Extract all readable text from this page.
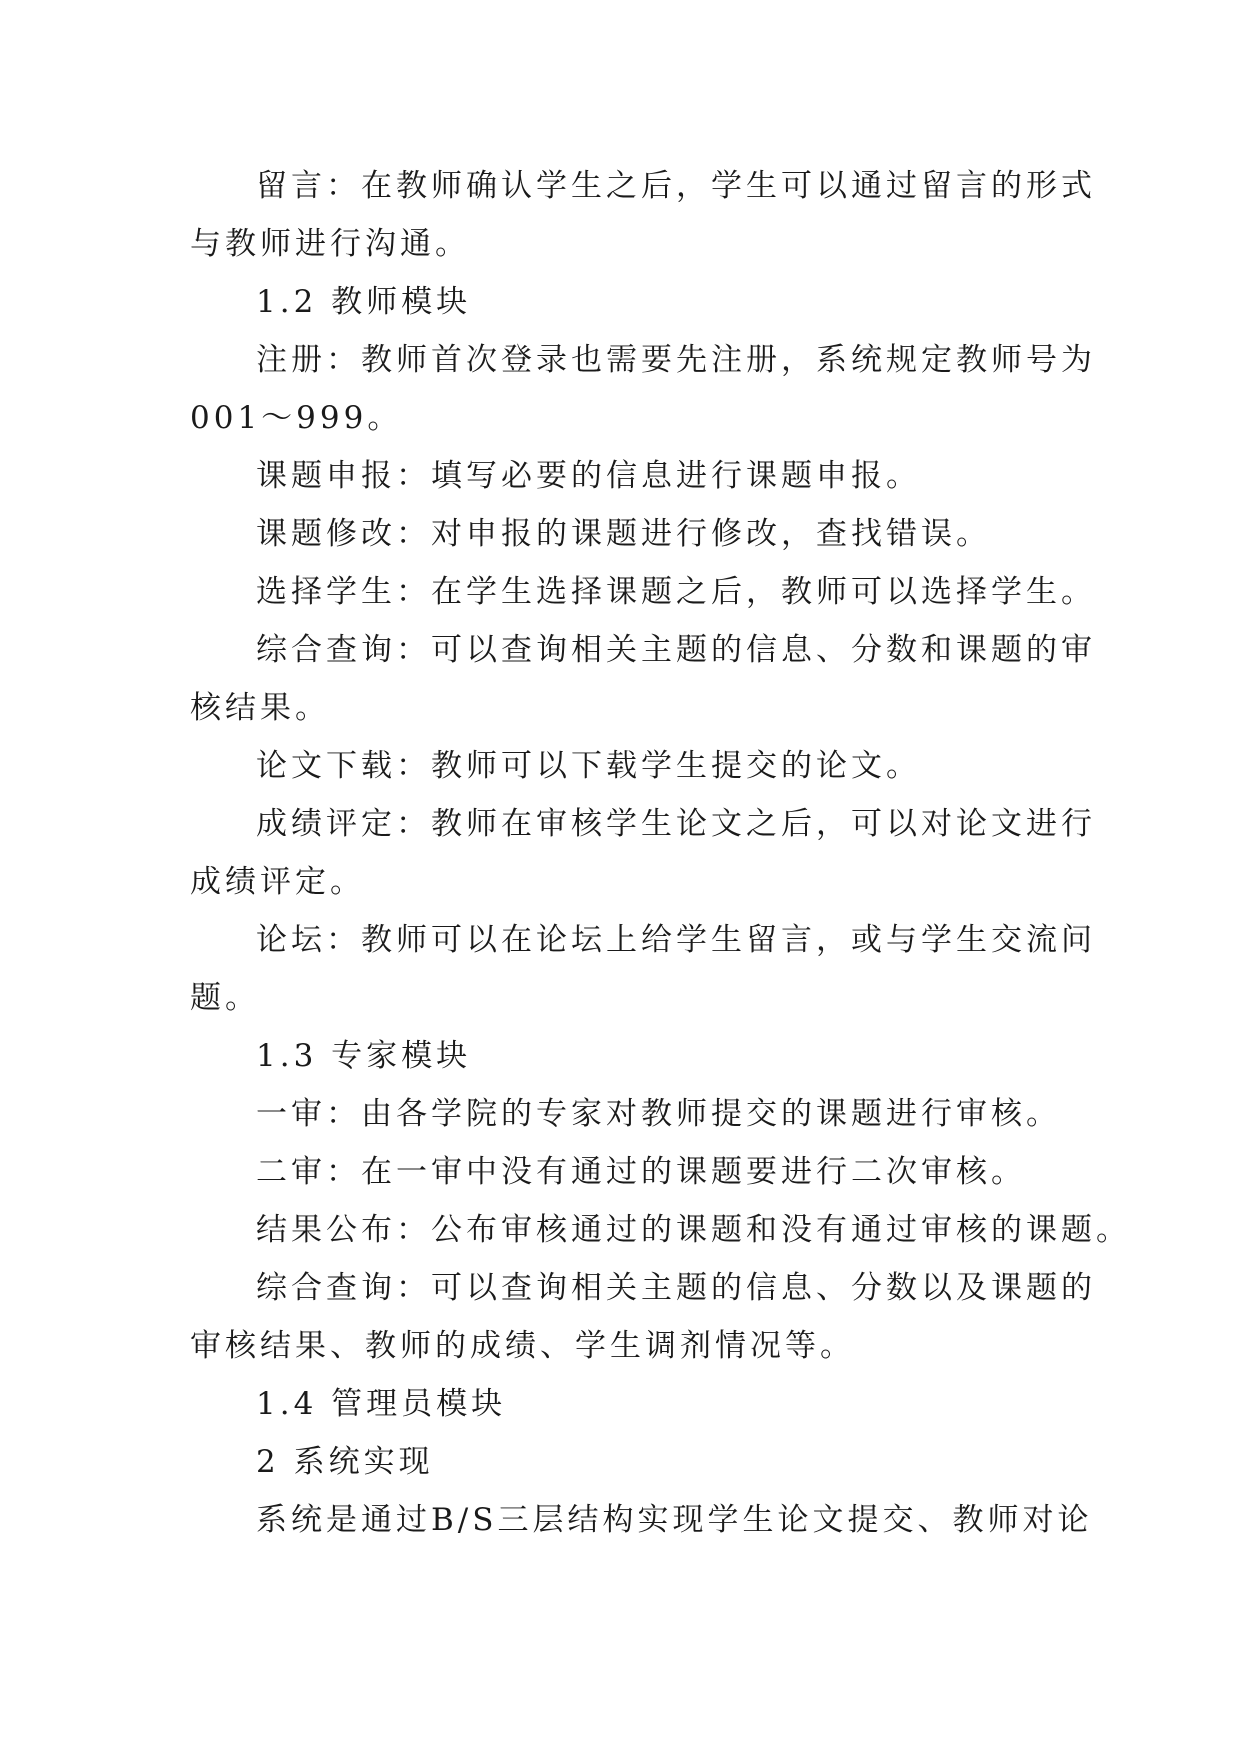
留言：在教师确认学生之后，学生可以通过留言的形式
与教师进行沟通。
1.2 教师模块
注册：教师首次登录也需要先注册，系统规定教师号为
001～999。
课题申报：填写必要的信息进行课题申报。
课题修改：对申报的课题进行修改，查找错误。
选择学生：在学生选择课题之后，教师可以选择学生。
综合查询：可以查询相关主题的信息、分数和课题的审
核结果。
论文下载：教师可以下载学生提交的论文。
成绩评定：教师在审核学生论文之后，可以对论文进行
成绩评定。
论坛：教师可以在论坛上给学生留言，或与学生交流问
题。
1.3 专家模块
一审：由各学院的专家对教师提交的课题进行审核。
二审：在一审中没有通过的课题要进行二次审核。
结果公布：公布审核通过的课题和没有通过审核的课题。
综合查询：可以查询相关主题的信息、分数以及课题的
审核结果、教师的成绩、学生调剂情况等。
1.4 管理员模块
2 系统实现
系统是通过B/S三层结构实现学生论文提交、教师对论
